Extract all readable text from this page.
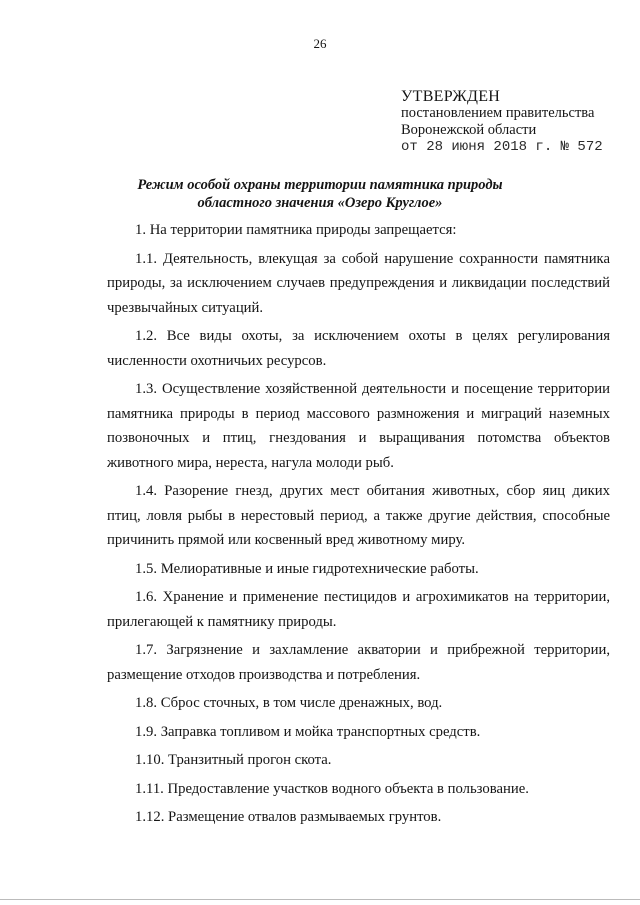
26
УТВЕРЖДЕН
постановлением правительства
Воронежской области
от 28 июня 2018 г. № 572
Режим особой охраны территории памятника природы
областного значения «Озеро Круглое»

1. На территории памятника природы запрещается:

1.1. Деятельность, влекущая за собой нарушение сохранности памятника природы, за исключением случаев предупреждения и ликвидации последствий чрезвычайных ситуаций.

1.2. Все виды охоты, за исключением охоты в целях регулирования численности охотничьих ресурсов.

1.3. Осуществление хозяйственной деятельности и посещение территории памятника природы в период массового размножения и миграций наземных позвоночных и птиц, гнездования и выращивания потомства объектов животного мира, нереста, нагула молоди рыб.

1.4. Разорение гнезд, других мест обитания животных, сбор яиц диких птиц, ловля рыбы в нерестовый период, а также другие действия, способные причинить прямой или косвенный вред животному миру.

1.5. Мелиоративные и иные гидротехнические работы.

1.6. Хранение и применение пестицидов и агрохимикатов на территории, прилегающей к памятнику природы.

1.7. Загрязнение и захламление акватории и прибрежной территории, размещение отходов производства и потребления.

1.8. Сброс сточных, в том числе дренажных, вод.

1.9. Заправка топливом и мойка транспортных средств.

1.10. Транзитный прогон скота.

1.11. Предоставление участков водного объекта в пользование.

1.12. Размещение отвалов размываемых грунтов.
